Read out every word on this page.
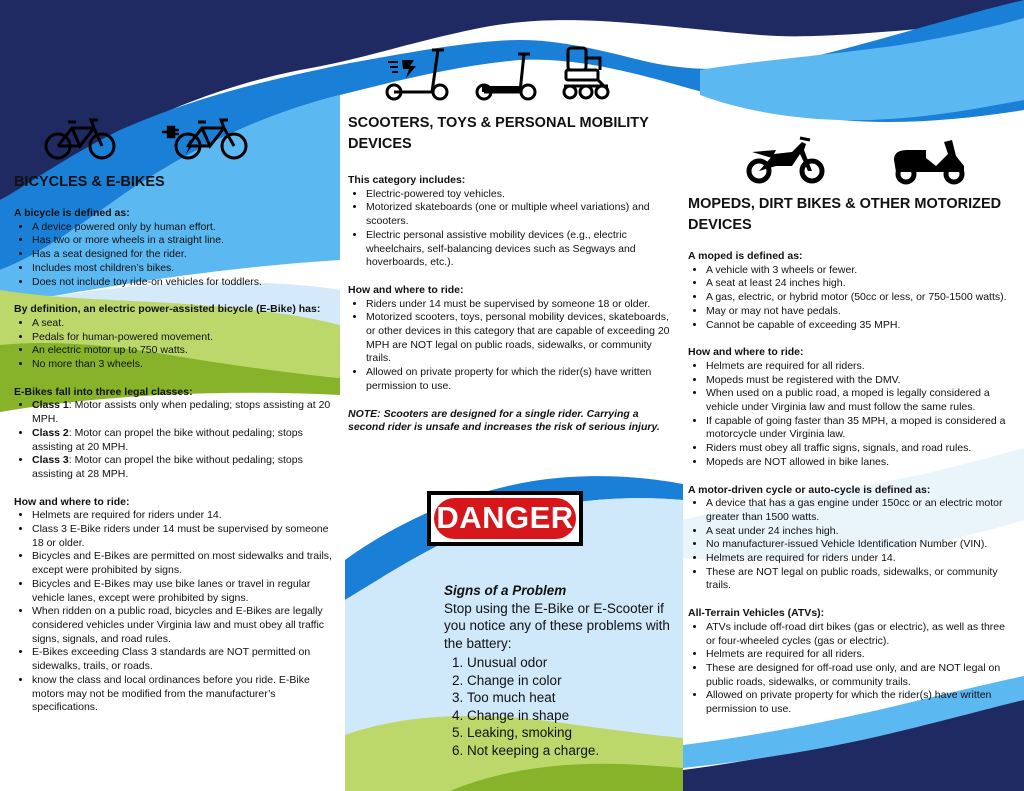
BICYCLES & E-BIKES
A bicycle is defined as:
• A device powered only by human effort.
• Has two or more wheels in a straight line.
• Has a seat designed for the rider.
• Includes most children’s bikes.
• Does not include toy ride-on vehicles for toddlers.
By definition, an electric power-assisted bicycle (E-Bike) has:
• A seat.
• Pedals for human-powered movement.
• An electric motor up to 750 watts.
• No more than 3 wheels.
E-Bikes fall into three legal classes:
• Class 1: Motor assists only when pedaling; stops assisting at 20 MPH.
• Class 2: Motor can propel the bike without pedaling; stops assisting at 20 MPH.
• Class 3: Motor can propel the bike without pedaling; stops assisting at 28 MPH.
How and where to ride:
• Helmets are required for riders under 14.
• Class 3 E-Bike riders under 14 must be supervised by someone 18 or older.
• Bicycles and E-Bikes are permitted on most sidewalks and trails, except were prohibited by signs.
• Bicycles and E-Bikes may use bike lanes or travel in regular vehicle lanes, except were prohibited by signs.
• When ridden on a public road, bicycles and E-Bikes are legally considered vehicles under Virginia law and must obey all traffic signs, signals, and road rules.
• E-Bikes exceeding Class 3 standards are NOT permitted on sidewalks, trails, or roads.
• know the class and local ordinances before you ride. E-Bike motors may not be modified from the manufacturer’s specifications.
SCOOTERS, TOYS & PERSONAL MOBILITY DEVICES
This category includes:
• Electric-powered toy vehicles.
• Motorized skateboards (one or multiple wheel variations) and scooters.
• Electric personal assistive mobility devices (e.g., electric wheelchairs, self-balancing devices such as Segways and hoverboards, etc.).
How and where to ride:
• Riders under 14 must be supervised by someone 18 or older.
• Motorized scooters, toys, personal mobility devices, skateboards, or other devices in this category that are capable of exceeding 20 MPH are NOT legal on public roads, sidewalks, or community trails.
• Allowed on private property for which the rider(s) have written permission to use.
NOTE: Scooters are designed for a single rider. Carrying a second rider is unsafe and increases the risk of serious injury.
DANGER
Signs of a Problem
Stop using the E-Bike or E-Scooter if you notice any of these problems with the battery:
1. Unusual odor
2. Change in color
3. Too much heat
4. Change in shape
5. Leaking, smoking
6. Not keeping a charge.
MOPEDS, DIRT BIKES & OTHER MOTORIZED DEVICES
A moped is defined as:
• A vehicle with 3 wheels or fewer.
• A seat at least 24 inches high.
• A gas, electric, or hybrid motor (50cc or less, or 750-1500 watts).
• May or may not have pedals.
• Cannot be capable of exceeding 35 MPH.
How and where to ride:
• Helmets are required for all riders.
• Mopeds must be registered with the DMV.
• When used on a public road, a moped is legally considered a vehicle under Virginia law and must follow the same rules.
• If capable of going faster than 35 MPH, a moped is considered a motorcycle under Virginia law.
• Riders must obey all traffic signs, signals, and road rules.
• Mopeds are NOT allowed in bike lanes.
A motor-driven cycle or auto-cycle is defined as:
• A device that has a gas engine under 150cc or an electric motor greater than 1500 watts.
• A seat under 24 inches high.
• No manufacturer-issued Vehicle Identification Number (VIN).
• Helmets are required for riders under 14.
• These are NOT legal on public roads, sidewalks, or community trails.
All-Terrain Vehicles (ATVs):
• ATVs include off-road dirt bikes (gas or electric), as well as three or four-wheeled cycles (gas or electric).
• Helmets are required for all riders.
• These are designed for off-road use only, and are NOT legal on public roads, sidewalks, or community trails.
• Allowed on private property for which the rider(s) have written permission to use.
